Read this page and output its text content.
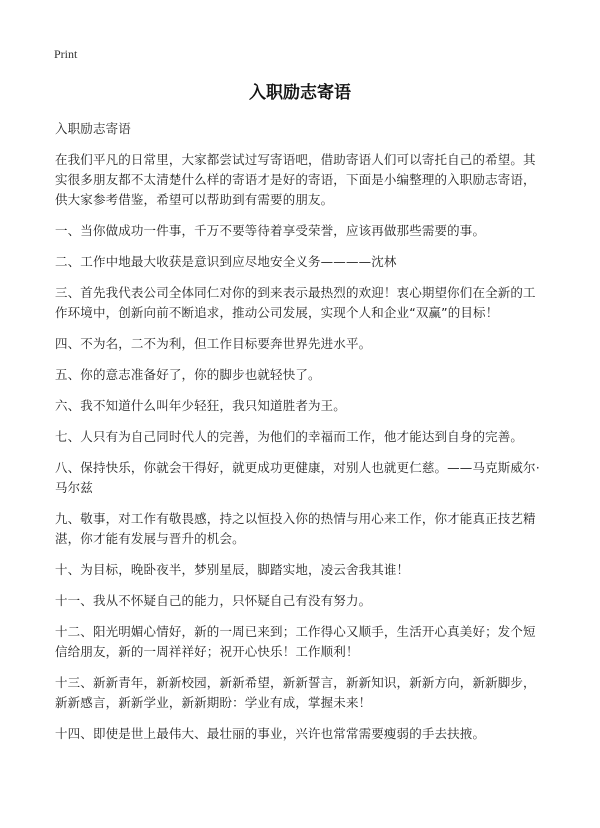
Print
入职励志寄语

入职励志寄语

在我们平凡的日常里，大家都尝试过写寄语吧，借助寄语人们可以寄托自己的希望。其实很多朋友都不太清楚什么样的寄语才是好的寄语，下面是小编整理的入职励志寄语，供大家参考借鉴，希望可以帮助到有需要的朋友。

一、当你做成功一件事，千万不要等待着享受荣誉，应该再做那些需要的事。

二、工作中地最大收获是意识到应尽地安全义务————沈林

三、首先我代表公司全体同仁对你的到来表示最热烈的欢迎！衷心期望你们在全新的工作环境中，创新向前不断追求，推动公司发展，实现个人和企业“双赢”的目标！

四、不为名，二不为利，但工作目标要奔世界先进水平。

五、你的意志准备好了，你的脚步也就轻快了。

六、我不知道什么叫年少轻狂，我只知道胜者为王。

七、人只有为自己同时代人的完善，为他们的幸福而工作，他才能达到自身的完善。

八、保持快乐，你就会干得好，就更成功更健康，对别人也就更仁慈。——马克斯威尔·马尔兹

九、敬事，对工作有敬畏感，持之以恒投入你的热情与用心来工作，你才能真正技艺精湛，你才能有发展与晋升的机会。

十、为目标，晚卧夜半，梦别星辰，脚踏实地，凌云舍我其谁！

十一、我从不怀疑自己的能力，只怀疑自己有没有努力。

十二、阳光明媚心情好，新的一周已来到；工作得心又顺手，生活开心真美好；发个短信给朋友，新的一周祥祥好；祝开心快乐！工作顺利！

十三、新新青年，新新校园，新新希望，新新誓言，新新知识，新新方向，新新脚步，新新感言，新新学业，新新期盼：学业有成，掌握未来！

十四、即使是世上最伟大、最壮丽的事业，兴许也常常需要瘦弱的手去扶掖。
